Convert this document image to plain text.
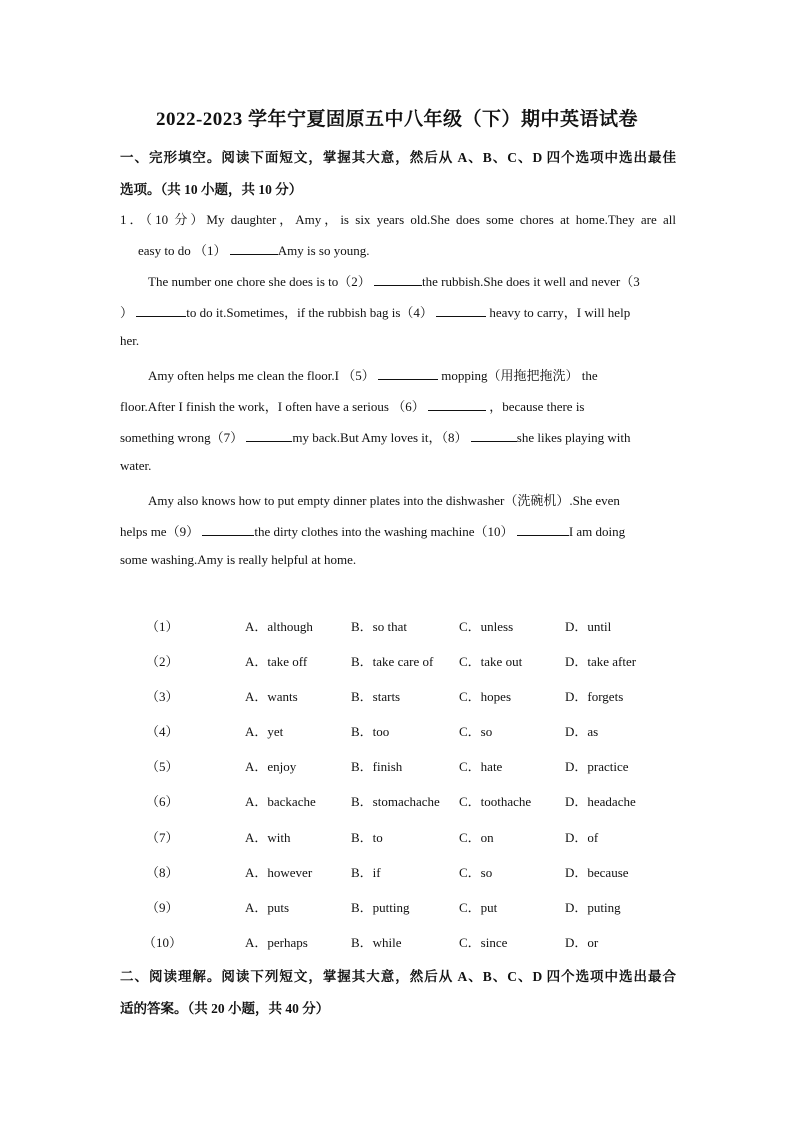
2022-2023 学年宁夏固原五中八年级（下）期中英语试卷
一、完形填空。阅读下面短文，掌握其大意，然后从 A、B、C、D 四个选项中选出最佳
选项。（共 10 小题，共 10 分）
1．（10 分）My daughter，Amy，is six years old.She does some chores at home.They are all
easy to do （1）	Amy is so young.
The number one chore she does is to（2）	the rubbish.She does it well and never（3
）	to do it.Sometimes，if the rubbish bag is（4）	heavy to carry，I will help
her.
Amy often helps me clean the floor.I （5）	mopping（用拖把拖洗） the
floor.After I finish the work，I often have a serious （6）	，because there is
something wrong（7）	my back.But Amy loves it，（8）	she likes playing with
water.
Amy also knows how to put empty dinner plates into the dishwasher（洗碗机）.She even
helps me（9）	the dirty clothes into the washing machine（10）	I am doing
some washing.Amy is really helpful at home.
（1）	A．although	B．so that	C．unless	D．until
（2）	A．take off	B．take care of C．take out	D．take after
（3）	A．wants	B．starts	C．hopes	D．forgets
（4）	A．yet	B．too	C．so	D．as
（5）	A．enjoy	B．finish	C．hate	D．practice
（6）	A．backache	B．stomachache C．toothache	D．headache
（7）	A．with	B．to	C．on	D．of
（8）	A．however	B．if	C．so	D．because
（9）	A．puts	B．putting	C．put	D．puting
（10）	A．perhaps	B．while	C．since	D．or
二、阅读理解。阅读下列短文，掌握其大意，然后从 A、B、C、D 四个选项中选出最合
适的答案。（共 20 小题，共 40 分）
